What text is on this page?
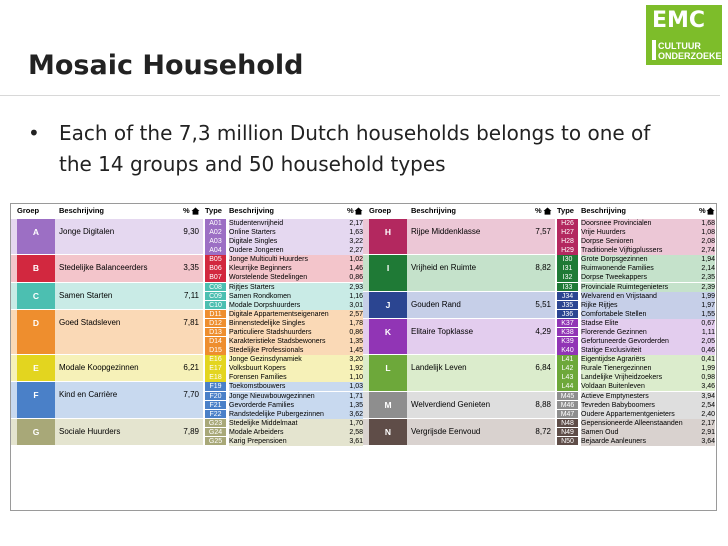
EMC
CULTUUR
ONDERZOEKEN
Mosaic Household
• Each of the 7,3 million Dutch households belongs to one of the 14 groups and 50 household types
Groep	Beschrijving	% Type Beschrijving	%
A	Jonge Digitalen	9,30
A01	Studentenvrijheid	2,17
A02	Online Starters	1,63
A03	Digitale Singles	3,22
A04	Oudere Jongeren	2,27
B	Stedelijke Balanceerders	3,35
B05	Jonge Multiculti Huurders	1,02
B06	Kleurrijke Beginners	1,46
B07	Worstelende Stedelingen	0,86
C	Samen Starten	7,11
C08	Rijtjes Starters	2,93
C09	Samen Rondkomen	1,16
C10	Modale Dorpshuurders	3,01
D	Goed Stadsleven	7,81
D11	Digitale Appartementseigenaren	2,57
D12	Binnenstedelijke Singles	1,78
D13	Particuliere Stadshuurders	0,86
D14	Karakteristieke Stadsbewoners	1,35
D15	Stedelijke Professionals	1,45
E	Modale Koopgezinnen	6,21
E16	Jonge Gezinsdynamiek	3,20
E17	Volksbuurt Kopers	1,92
E18	Forensen Families	1,10
F	Kind en Carrière	7,70
F19	Toekomstbouwers	1,03
F20	Jonge Nieuwbouwgezinnen	1,71
F21	Gevorderde Families	1,35
F22	Randstedelijke Pubergezinnen	3,62
G	Sociale Huurders	7,89
G23 Stedelijke Middelmaat	1,70
G24 Modale Arbeiders	2,58
G25 Karig Prepensioen	3,61
Groep	Beschrijving	% Type Beschrijving	%
H	Rijpe Middenklasse	7,57
H26	Doorsnee Provincialen	1,68
H27	Vrije Huurders	1,08
H28	Dorpse Senioren	2,08
H29	Traditionele Vijftigplussers	2,74
I	Vrijheid en Ruimte	8,82
I30	Grote Dorpsgezinnen	1,94
I31	Ruimwonende Families	2,14
I32	Dorpse Tweekappers	2,35
I33	Provinciale Ruimtegenieters	2,39
J	Gouden Rand	5,51
J34	Welvarend en Vrijstaand	1,99
J35	Rijke Rijtjes	1,97
J36	Comfortabele Stellen	1,55
K	Elitaire Topklasse	4,29
K37	Stadse Elite	0,67
K38	Florerende Gezinnen	1,11
K39	Gefortuneerde Gevorderden	2,05
K40	Statige Exclusiviteit	0,46
L	Landelijk Leven	6,84
L41	Eigentijdse Agrariërs	0,41
L42	Rurale Tienergezinnen	1,99
L43	Landelijke Vrijheidzoekers	0,98
L44	Voldaan Buitenleven	3,46
M	Welverdiend Genieten	8,88
M45 Actieve Emptynesters	3,94
M46 Tevreden Babyboomers	2,54
M47 Oudere Appartementgenieters	2,40
N	Vergrijsde Eenvoud	8,72
N48	Gepensioneerde Alleenstaanden	2,17
N49	Samen Oud	2,91
N50	Bejaarde Aanleuners	3,64
